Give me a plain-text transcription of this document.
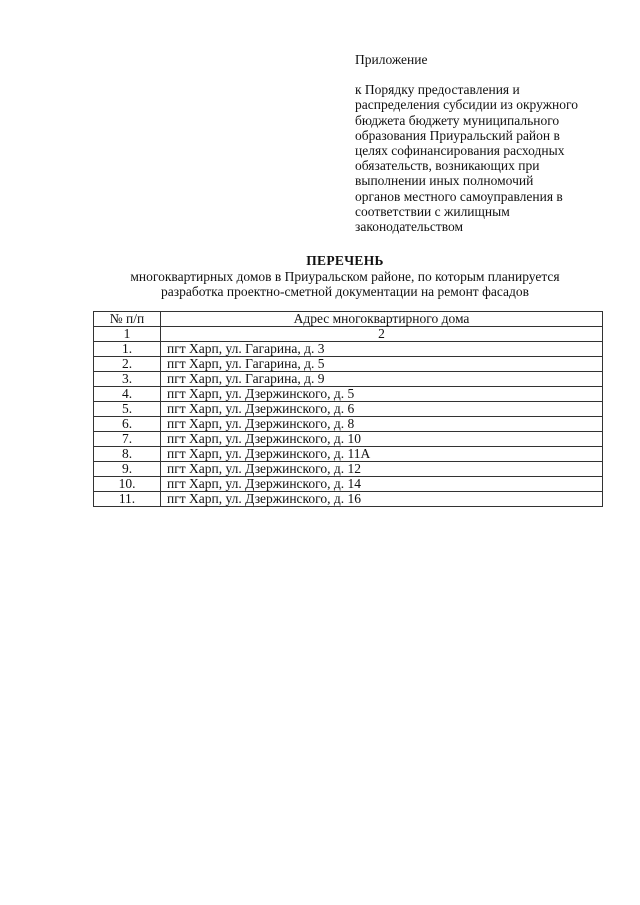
Приложение
к Порядку предоставления и
распределения субсидии из окружного
бюджета бюджету муниципального
образования Приуральский район в
целях софинансирования расходных
обязательств, возникающих при
выполнении иных полномочий
органов местного самоуправления в
соответствии с жилищным
законодательством
ПЕРЕЧЕНЬ
многоквартирных домов в Приуральском районе, по которым планируется
разработка проектно-сметной документации на ремонт фасадов
№ п/п	Адрес многоквартирного дома
1	2
1.	пгт Харп, ул. Гагарина, д. 3
2.	пгт Харп, ул. Гагарина, д. 5
3.	пгт Харп, ул. Гагарина, д. 9
4.	пгт Харп, ул. Дзержинского, д. 5
5.	пгт Харп, ул. Дзержинского, д. 6
6.	пгт Харп, ул. Дзержинского, д. 8
7.	пгт Харп, ул. Дзержинского, д. 10
8.	пгт Харп, ул. Дзержинского, д. 11А
9.	пгт Харп, ул. Дзержинского, д. 12
10.	пгт Харп, ул. Дзержинского, д. 14
11.	пгт Харп, ул. Дзержинского, д. 16
